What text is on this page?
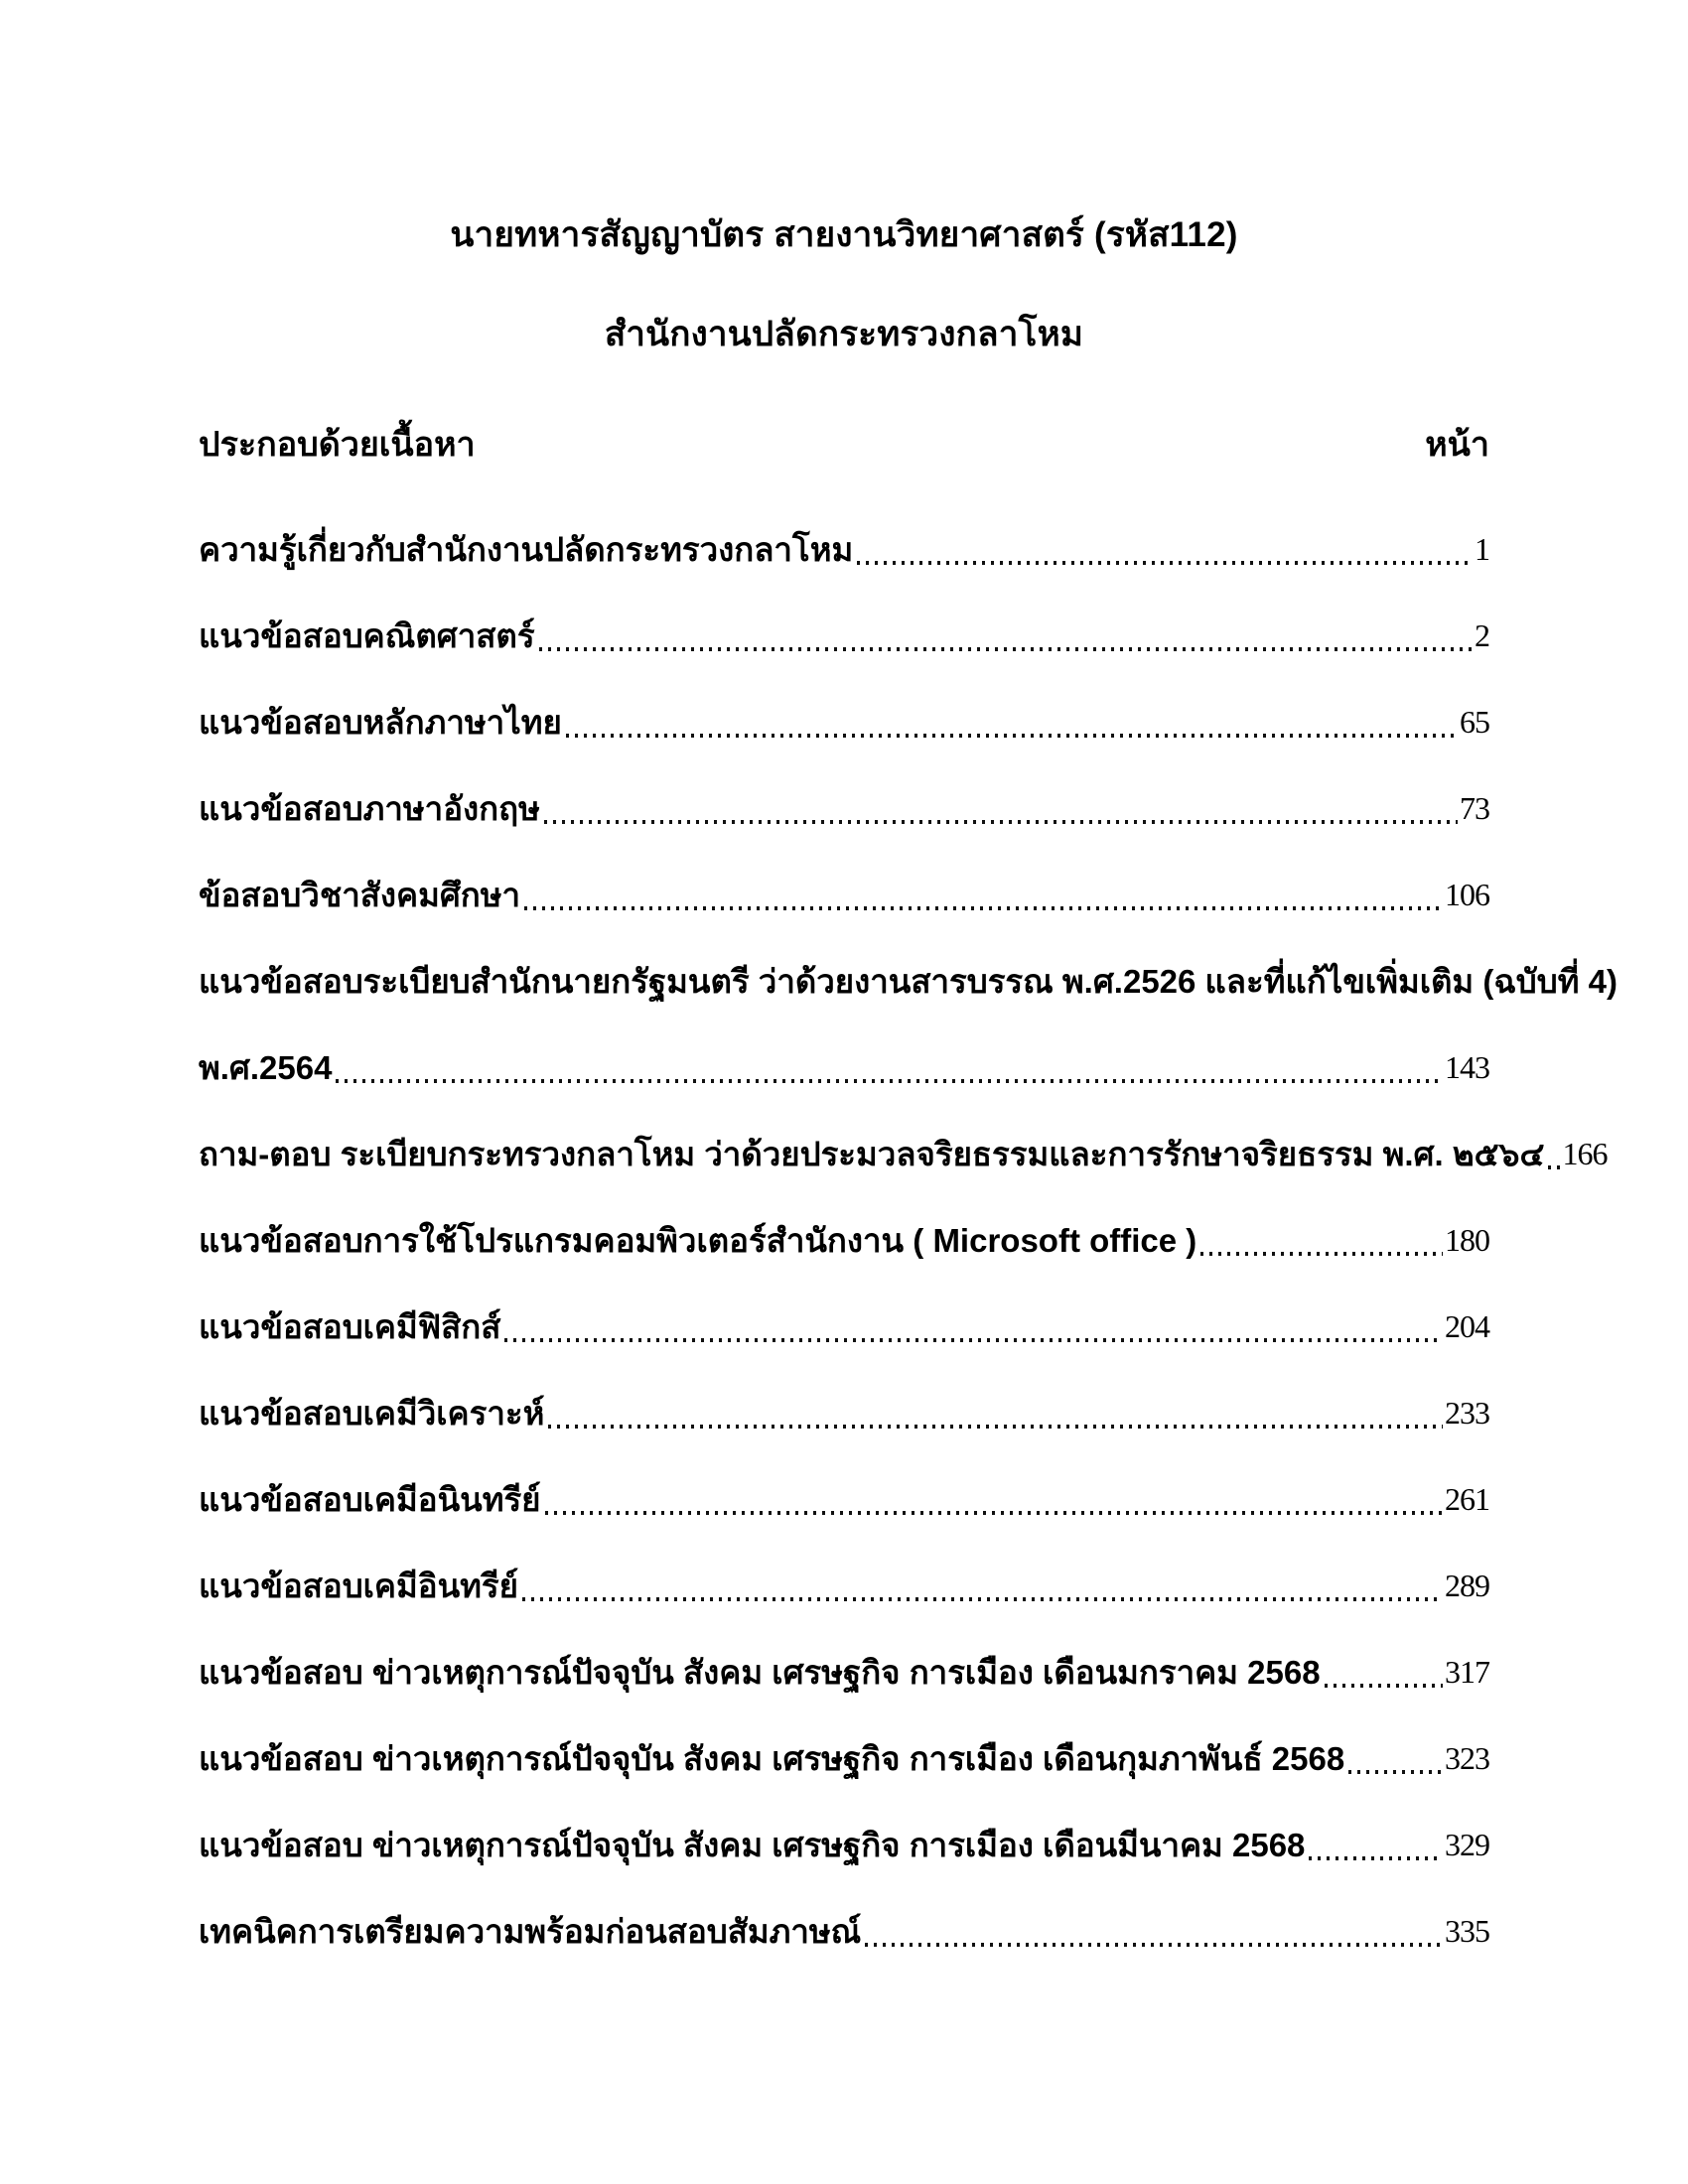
นายทหารสัญญาบัตร สายงานวิทยาศาสตร์ (รหัส112)
สำนักงานปลัดกระทรวงกลาโหม
ประกอบด้วยเนื้อหา	หน้า
ความรู้เกี่ยวกับสำนักงานปลัดกระทรวงกลาโหม	1
แนวข้อสอบคณิตศาสตร์	2
แนวข้อสอบหลักภาษาไทย	65
แนวข้อสอบภาษาอังกฤษ	73
ข้อสอบวิชาสังคมศึกษา	106
แนวข้อสอบระเบียบสำนักนายกรัฐมนตรี ว่าด้วยงานสารบรรณ พ.ศ.2526 และที่แก้ไขเพิ่มเติม (ฉบับที่ 4)
พ.ศ.2564	143
ถาม-ตอบ ระเบียบกระทรวงกลาโหม ว่าด้วยประมวลจริยธรรมและการรักษาจริยธรรม พ.ศ. ๒๕๖๔ 166
แนวข้อสอบการใช้โปรแกรมคอมพิวเตอร์สำนักงาน ( Microsoft office )	180
แนวข้อสอบเคมีฟิสิกส์	204
แนวข้อสอบเคมีวิเคราะห์	233
แนวข้อสอบเคมีอนินทรีย์	261
แนวข้อสอบเคมีอินทรีย์	289
แนวข้อสอบ ข่าวเหตุการณ์ปัจจุบัน สังคม เศรษฐกิจ การเมือง เดือนมกราคม 2568	317
แนวข้อสอบ ข่าวเหตุการณ์ปัจจุบัน สังคม เศรษฐกิจ การเมือง เดือนกุมภาพันธ์ 2568	323
แนวข้อสอบ ข่าวเหตุการณ์ปัจจุบัน สังคม เศรษฐกิจ การเมือง เดือนมีนาคม 2568	329
เทคนิคการเตรียมความพร้อมก่อนสอบสัมภาษณ์	335
